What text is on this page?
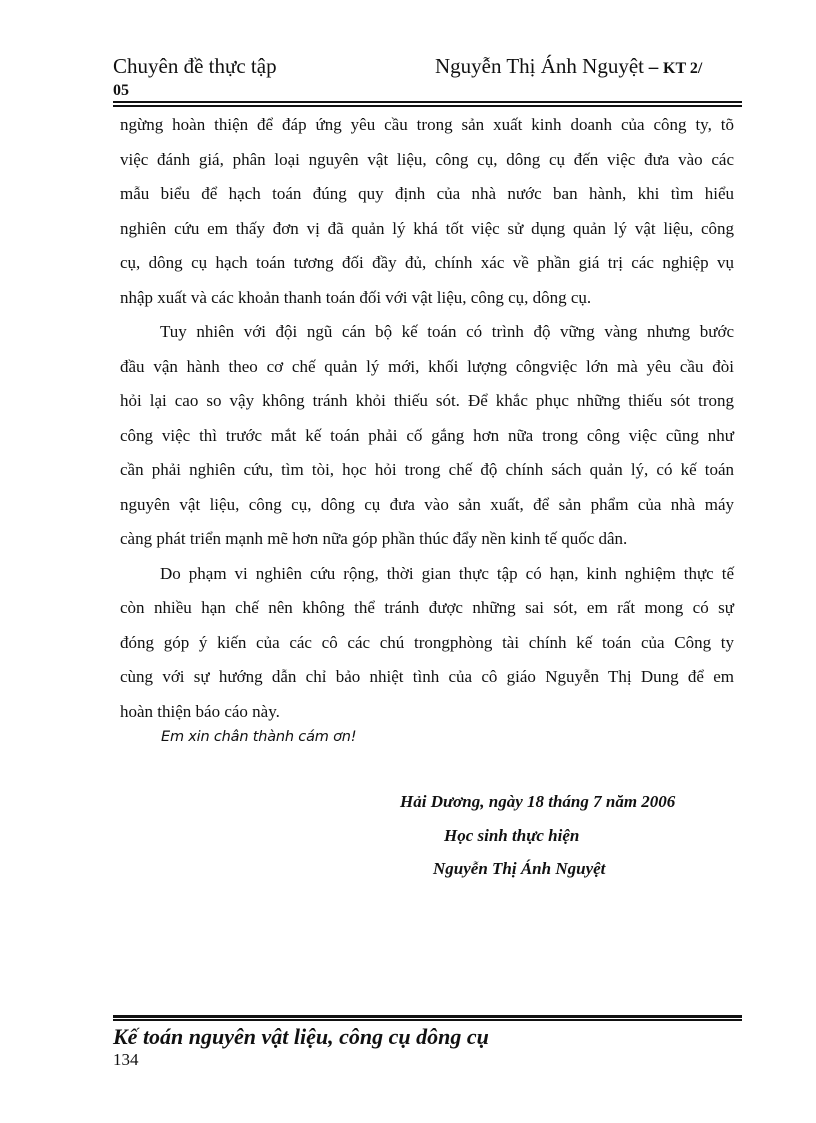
Chuyên đề thực tập	Nguyễn Thị Ánh Nguyệt – KT 2/
05

ngừng hoàn thiện để đáp ứng yêu cầu trong sản xuất kinh doanh của công ty, tõ
việc đánh giá, phân loại nguyên vật liệu, công cụ, dông cụ đến việc đưa vào các
mẫu biểu để hạch toán đúng quy định của nhà nước ban hành, khi tìm hiểu
nghiên cứu em thấy đơn vị đã quản lý khá tốt việc sử dụng quản lý vật liệu, công
cụ, dông cụ hạch toán tương đối đầy đủ, chính xác về phần giá trị các nghiệp vụ
nhập xuất và các khoản thanh toán đối với vật liệu, công cụ, dông cụ.

Tuy nhiên với đội ngũ cán bộ kế toán có trình độ vững vàng nhưng bước
đầu vận hành theo cơ chế quản lý mới, khối lượng côngviệc lớn mà yêu cầu đòi
hỏi lại cao so vậy không tránh khỏi thiếu sót. Để khắc phục những thiếu sót trong
công việc thì trước mắt kế toán phải cố gắng hơn nữa trong công việc cũng như
cần phải nghiên cứu, tìm tòi, học hỏi trong chế độ chính sách quản lý, có kế toán
nguyên vật liệu, công cụ, dông cụ đưa vào sản xuất, để sản phẩm của nhà máy
càng phát triển mạnh mẽ hơn nữa góp phần thúc đẩy nền kinh tế quốc dân.

Do phạm vi nghiên cứu rộng, thời gian thực tập có hạn, kinh nghiệm thực tế
còn nhiều hạn chế nên không thể tránh được những sai sót, em rất mong có sự
đóng góp ý kiến của các cô các chú trongphòng tài chính kế toán của Công ty
cùng với sự hướng dẫn chỉ bảo nhiệt tình của cô giáo Nguyễn Thị Dung để em
hoàn thiện báo cáo này.

Em xin chân thành cám ơn!
Hải Dương, ngày 18 tháng 7 năm 2006
Học sinh thực hiện
Nguyễn Thị Ánh Nguyệt
Kế toán nguyên vật liệu, công cụ dông cụ
134
